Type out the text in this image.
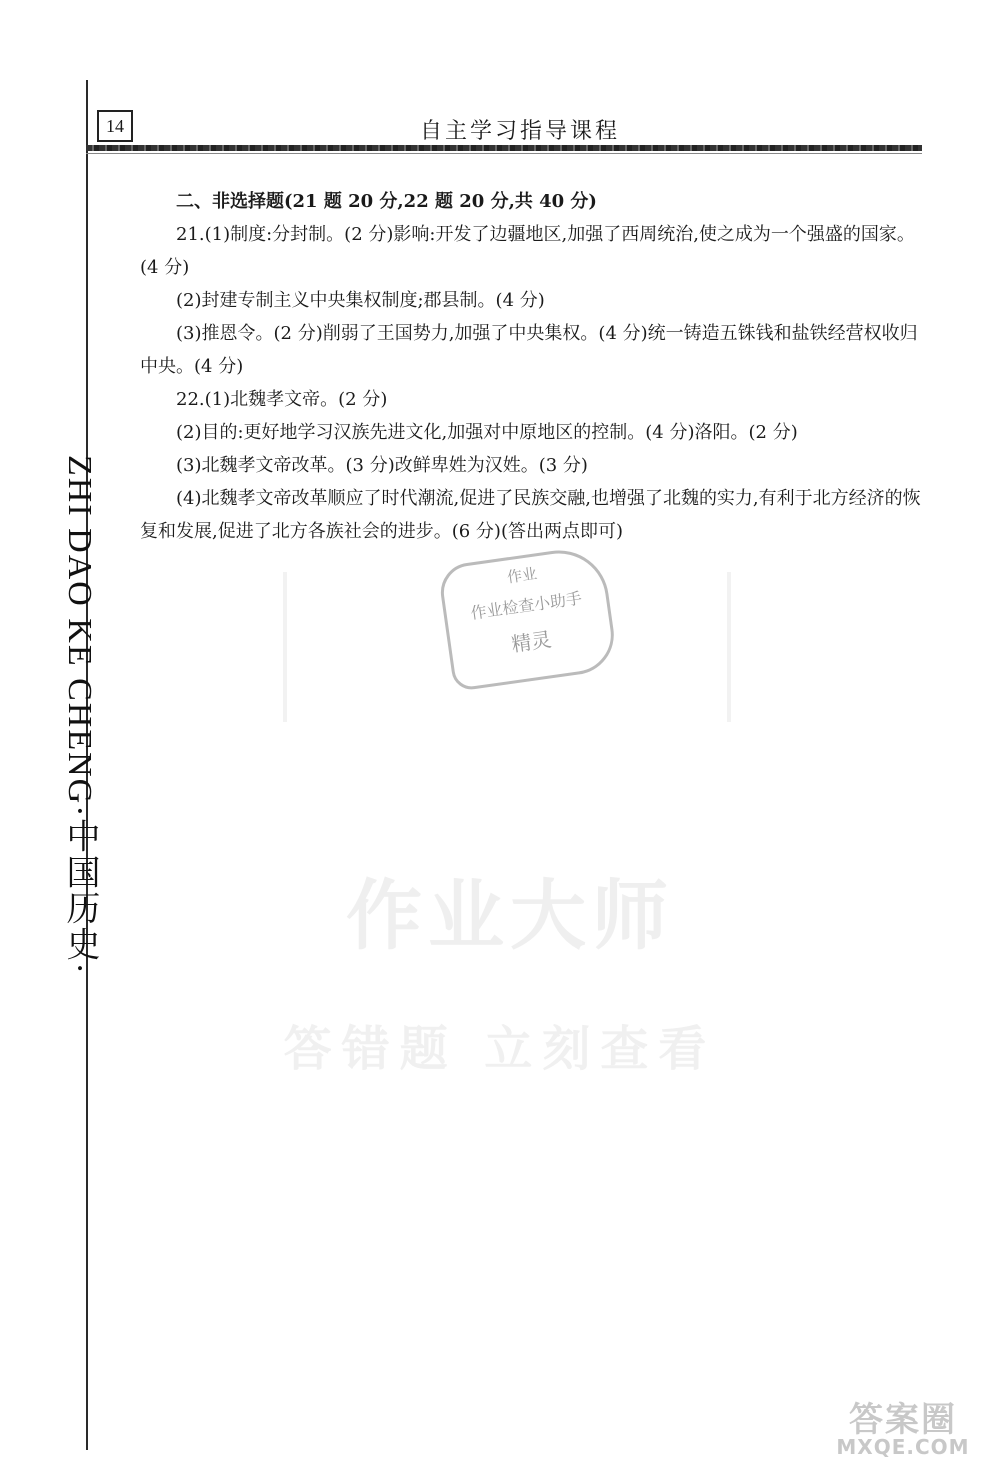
14	自主学习指导课程
ZHI DAO KE CHENG·中国历史·

二、非选择题(21 题 20 分,22 题 20 分,共 40 分)

21.(1)制度:分封制。(2 分)影响:开发了边疆地区,加强了西周统治,使之成为一个强盛的国家。(4 分)

(2)封建专制主义中央集权制度;郡县制。(4 分)

(3)推恩令。(2 分)削弱了王国势力,加强了中央集权。(4 分)统一铸造五铢钱和盐铁经营权收归中央。(4 分)

22.(1)北魏孝文帝。(2 分)

(2)目的:更好地学习汉族先进文化,加强对中原地区的控制。(4 分)洛阳。(2 分)

(3)北魏孝文帝改革。(3 分)改鲜卑姓为汉姓。(3 分)

(4)北魏孝文帝改革顺应了时代潮流,促进了民族交融,也增强了北魏的实力,有利于北方经济的恢复和发展,促进了北方各族社会的进步。(6 分)(答出两点即可)

作业
作业检查小助手
精灵
作业大师
答错题 立刻查看
答案圈
MXQE.COM
